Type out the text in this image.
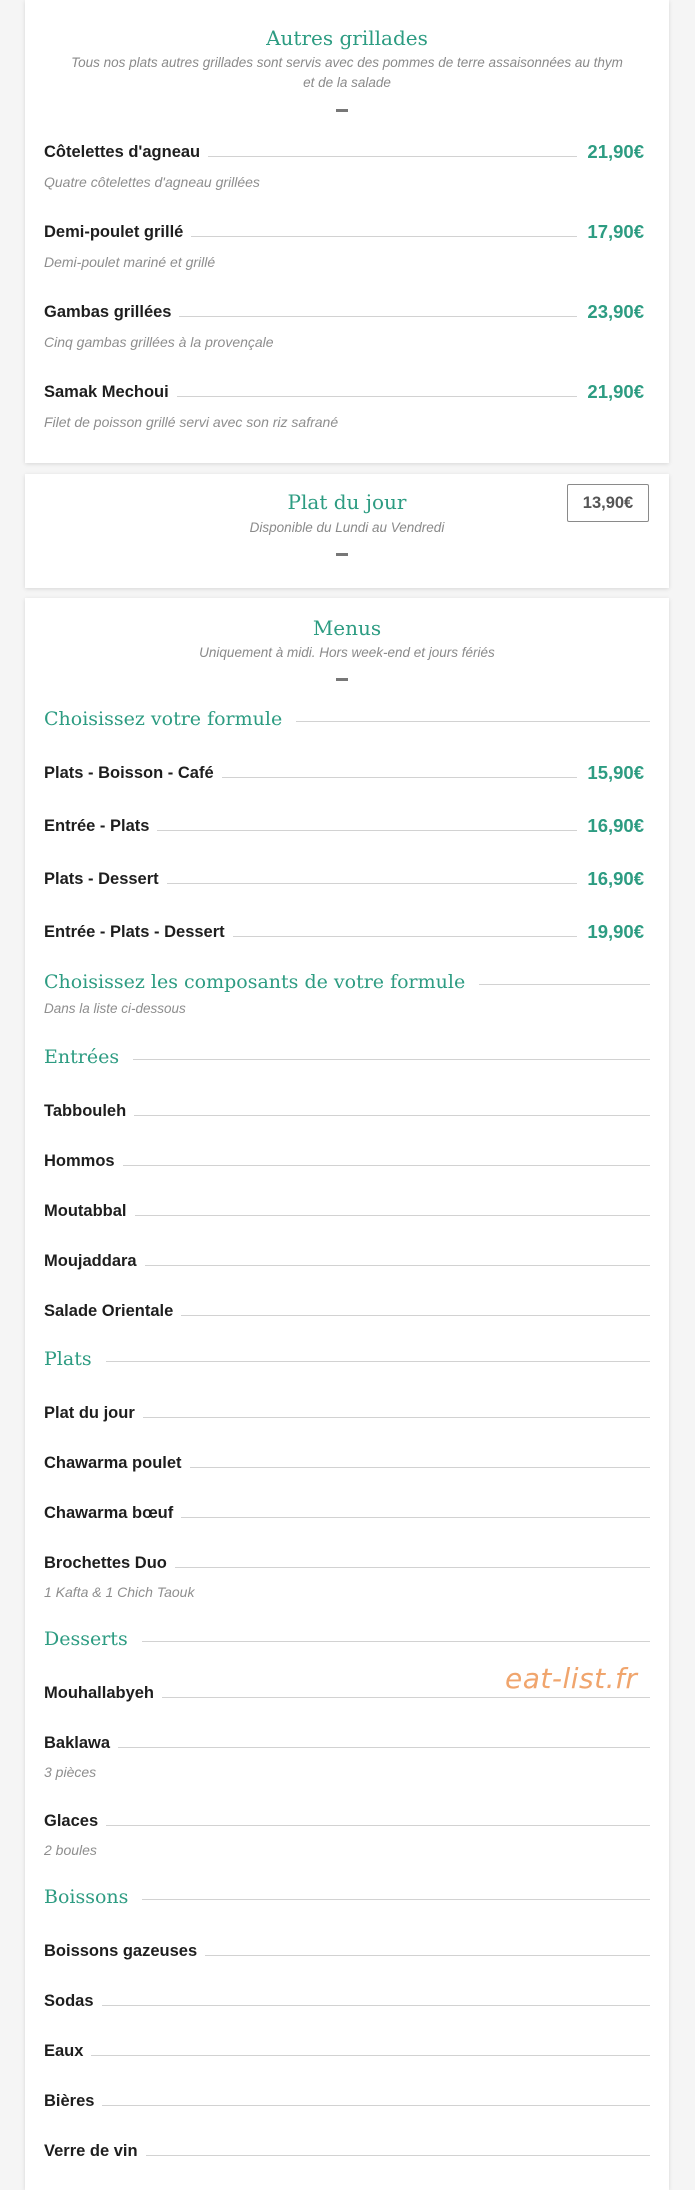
Autres grillades
Tous nos plats autres grillades sont servis avec des pommes de terre assaisonnées au thym et de la salade
Côtelettes d'agneau	21,90€
Quatre côtelettes d'agneau grillées
Demi-poulet grillé	17,90€
Demi-poulet mariné et grillé
Gambas grillées	23,90€
Cinq gambas grillées à la provençale
Samak Mechoui	21,90€
Filet de poisson grillé servi avec son riz safrané
Plat du jour
Disponible du Lundi au Vendredi
13,90€
Menus
Uniquement à midi. Hors week-end et jours fériés
Choisissez votre formule
Plats - Boisson - Café	15,90€
Entrée - Plats	16,90€
Plats - Dessert	16,90€
Entrée - Plats - Dessert	19,90€
Choisissez les composants de votre formule
Dans la liste ci-dessous
Entrées
Tabbouleh
Hommos
Moutabbal
Moujaddara
Salade Orientale
Plats
Plat du jour
Chawarma poulet
Chawarma bœuf
Brochettes Duo
1 Kafta & 1 Chich Taouk
Desserts
Mouhallabyeh
Baklawa
3 pièces
Glaces
2 boules
Boissons
Boissons gazeuses
Sodas
Eaux
Bières
Verre de vin
eat-list.fr
